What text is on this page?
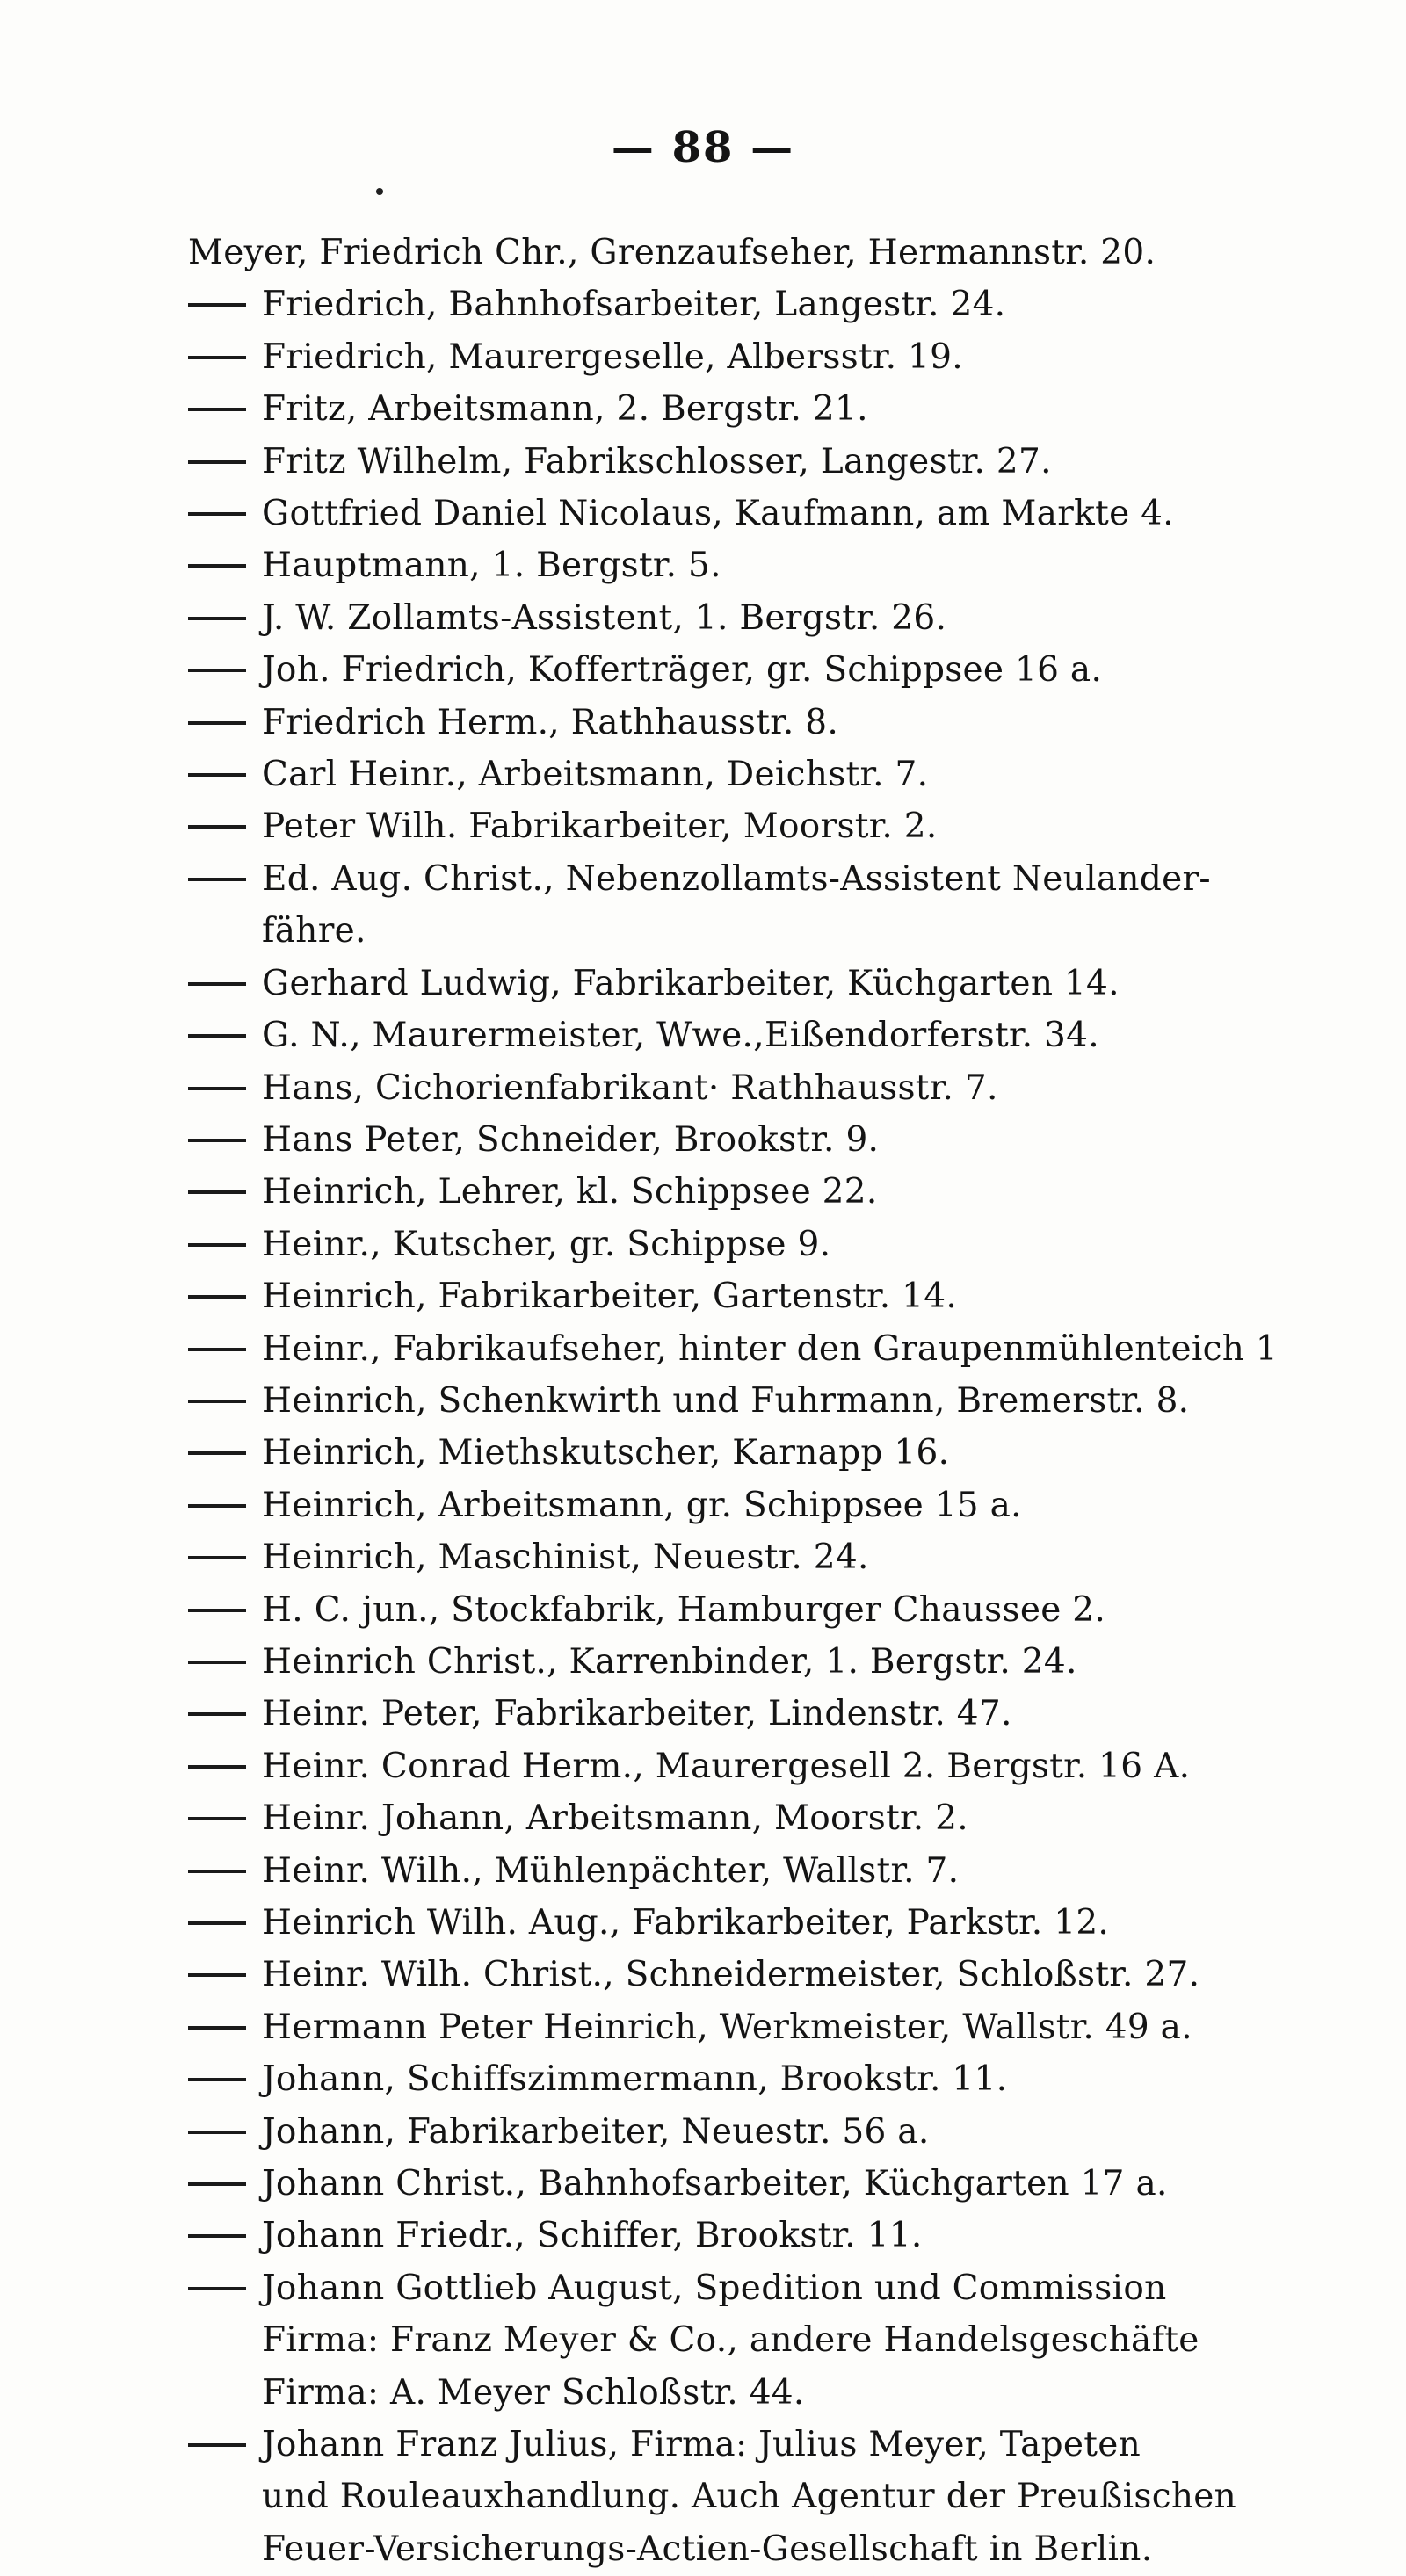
— 88 —
Meyer, Friedrich Chr., Grenzaufseher, Hermannstr. 20.
Friedrich, Bahnhofsarbeiter, Langestr. 24.
Friedrich, Maurergeselle, Albersstr. 19.
Fritz, Arbeitsmann, 2. Bergstr. 21.
Fritz Wilhelm, Fabrikschlosser, Langestr. 27.
Gottfried Daniel Nicolaus, Kaufmann, am Markte 4.
Hauptmann, 1. Bergstr. 5.
J. W. Zollamts-Assistent, 1. Bergstr. 26.
Joh. Friedrich, Kofferträger, gr. Schippsee 16 a.
Friedrich Herm., Rathhausstr. 8.
Carl Heinr., Arbeitsmann, Deichstr. 7.
Peter Wilh. Fabrikarbeiter, Moorstr. 2.
Ed. Aug. Christ., Nebenzollamts-Assistent Neulander-
fähre.
Gerhard Ludwig, Fabrikarbeiter, Küchgarten 14.
G. N., Maurermeister, Wwe.,Eißendorferstr. 34.
Hans, Cichorienfabrikant· Rathhausstr. 7.
Hans Peter, Schneider, Brookstr. 9.
Heinrich, Lehrer, kl. Schippsee 22.
Heinr., Kutscher, gr. Schippse 9.
Heinrich, Fabrikarbeiter, Gartenstr. 14.
Heinr., Fabrikaufseher, hinter den Graupenmühlenteich 1
Heinrich, Schenkwirth und Fuhrmann, Bremerstr. 8.
Heinrich, Miethskutscher, Karnapp 16.
Heinrich, Arbeitsmann, gr. Schippsee 15 a.
Heinrich, Maschinist, Neuestr. 24.
H. C. jun., Stockfabrik, Hamburger Chaussee 2.
Heinrich Christ., Karrenbinder, 1. Bergstr. 24.
Heinr. Peter, Fabrikarbeiter, Lindenstr. 47.
Heinr. Conrad Herm., Maurergesell 2. Bergstr. 16 A.
Heinr. Johann, Arbeitsmann, Moorstr. 2.
Heinr. Wilh., Mühlenpächter, Wallstr. 7.
Heinrich Wilh. Aug., Fabrikarbeiter, Parkstr. 12.
Heinr. Wilh. Christ., Schneidermeister, Schloßstr. 27.
Hermann Peter Heinrich, Werkmeister, Wallstr. 49 a.
Johann, Schiffszimmermann, Brookstr. 11.
Johann, Fabrikarbeiter, Neuestr. 56 a.
Johann Christ., Bahnhofsarbeiter, Küchgarten 17 a.
Johann Friedr., Schiffer, Brookstr. 11.
Johann Gottlieb August, Spedition und Commission
Firma: Franz Meyer & Co., andere Handelsgeschäfte
Firma: A. Meyer Schloßstr. 44.
Johann Franz Julius, Firma: Julius Meyer, Tapeten
und Rouleauxhandlung. Auch Agentur der Preußischen
Feuer-Versicherungs-Actien-Gesellschaft in Berlin.
